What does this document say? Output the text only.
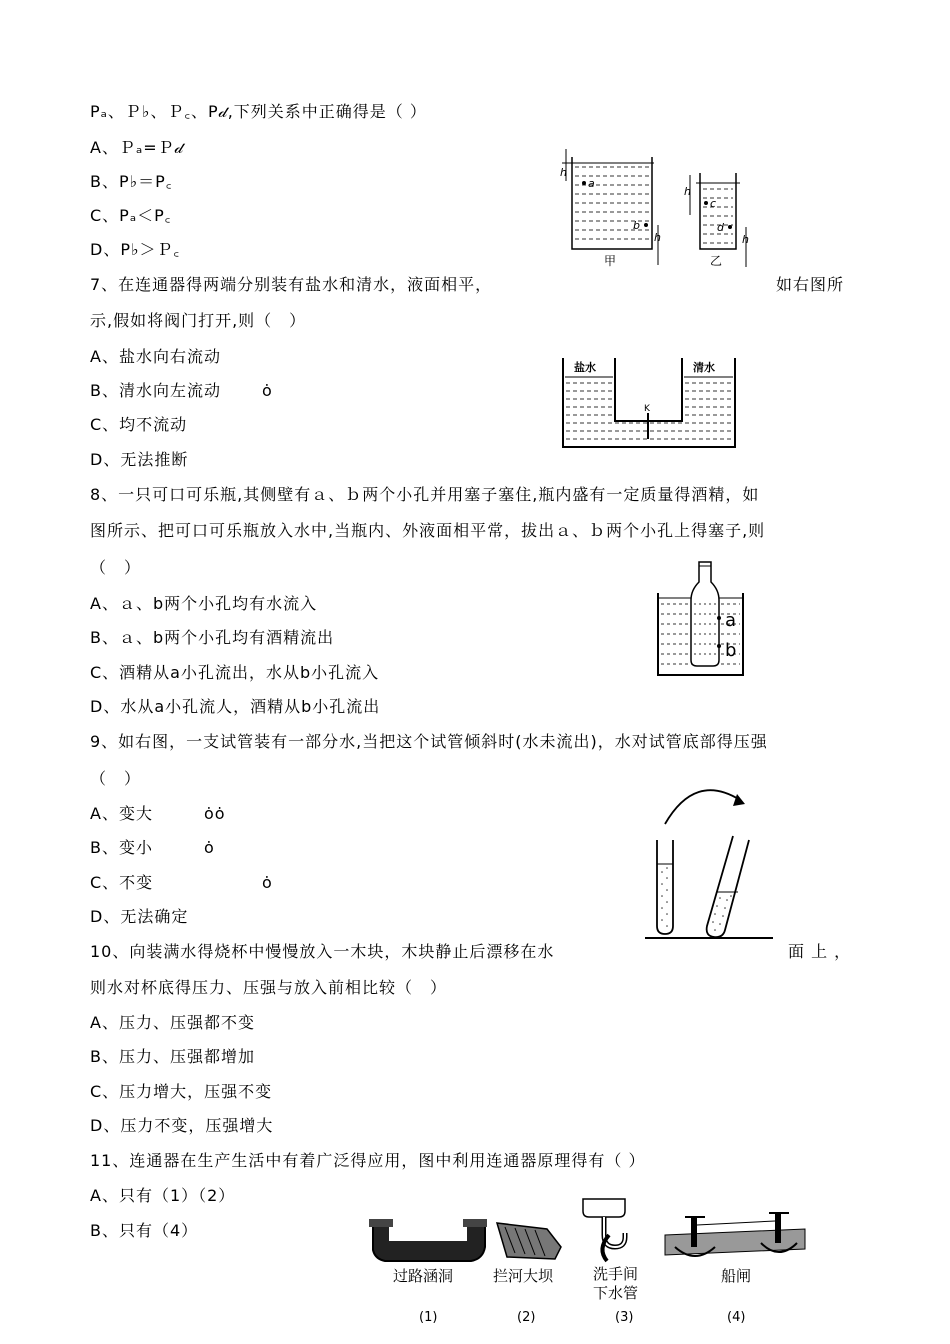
Pₐ、Ｐ♭、Ｐ꜀、P𝒹,下列关系中正确得是（ ）
A、Ｐₐ=Ｐ𝒹
B、P♭＝P꜀
C、Pₐ＜P꜀
D、P♭＞Ｐ꜀
h
a
b
h
甲
h
c
d
h
乙
7、在连通器得两端分别装有盐水和清水，液面相平，	如右图所
示,假如将阀门打开,则（　）
A、盐水向右流动
B、清水向左流动	ȯ
C、均不流动
D、无法推断
盐水	清水
K
8、一只可口可乐瓶,其侧壁有ａ、ｂ两个小孔并用塞子塞住,瓶内盛有一定质量得酒精，如
图所示、把可口可乐瓶放入水中,当瓶内、外液面相平常，拔出ａ、ｂ两个小孔上得塞子,则
（　）
A、ａ、b两个小孔均有水流入
B、ａ、b两个小孔均有酒精流出
C、酒精从a小孔流出，水从b小孔流入
D、水从a小孔流人，酒精从b小孔流出
a
b
9、如右图，一支试管装有一部分水,当把这个试管倾斜时(水未流出)，水对试管底部得压强
（　）
A、变大	ȯȯ
B、变小	ȯ
C、不变	ȯ
D、无法确定
10、向装满水得烧杯中慢慢放入一木块，木块静止后漂移在水	面 上 ，
则水对杯底得压力、压强与放入前相比较（　）
A、压力、压强都不变
B、压力、压强都增加
C、压力增大，压强不变
D、压力不变，压强增大
11、连通器在生产生活中有着广泛得应用，图中利用连通器原理得有（ ）
A、只有（1）（2）
B、只有（4）
过路涵洞
(1)
拦河大坝
(2)
洗手间
下水管
(3)
船闸
(4)
